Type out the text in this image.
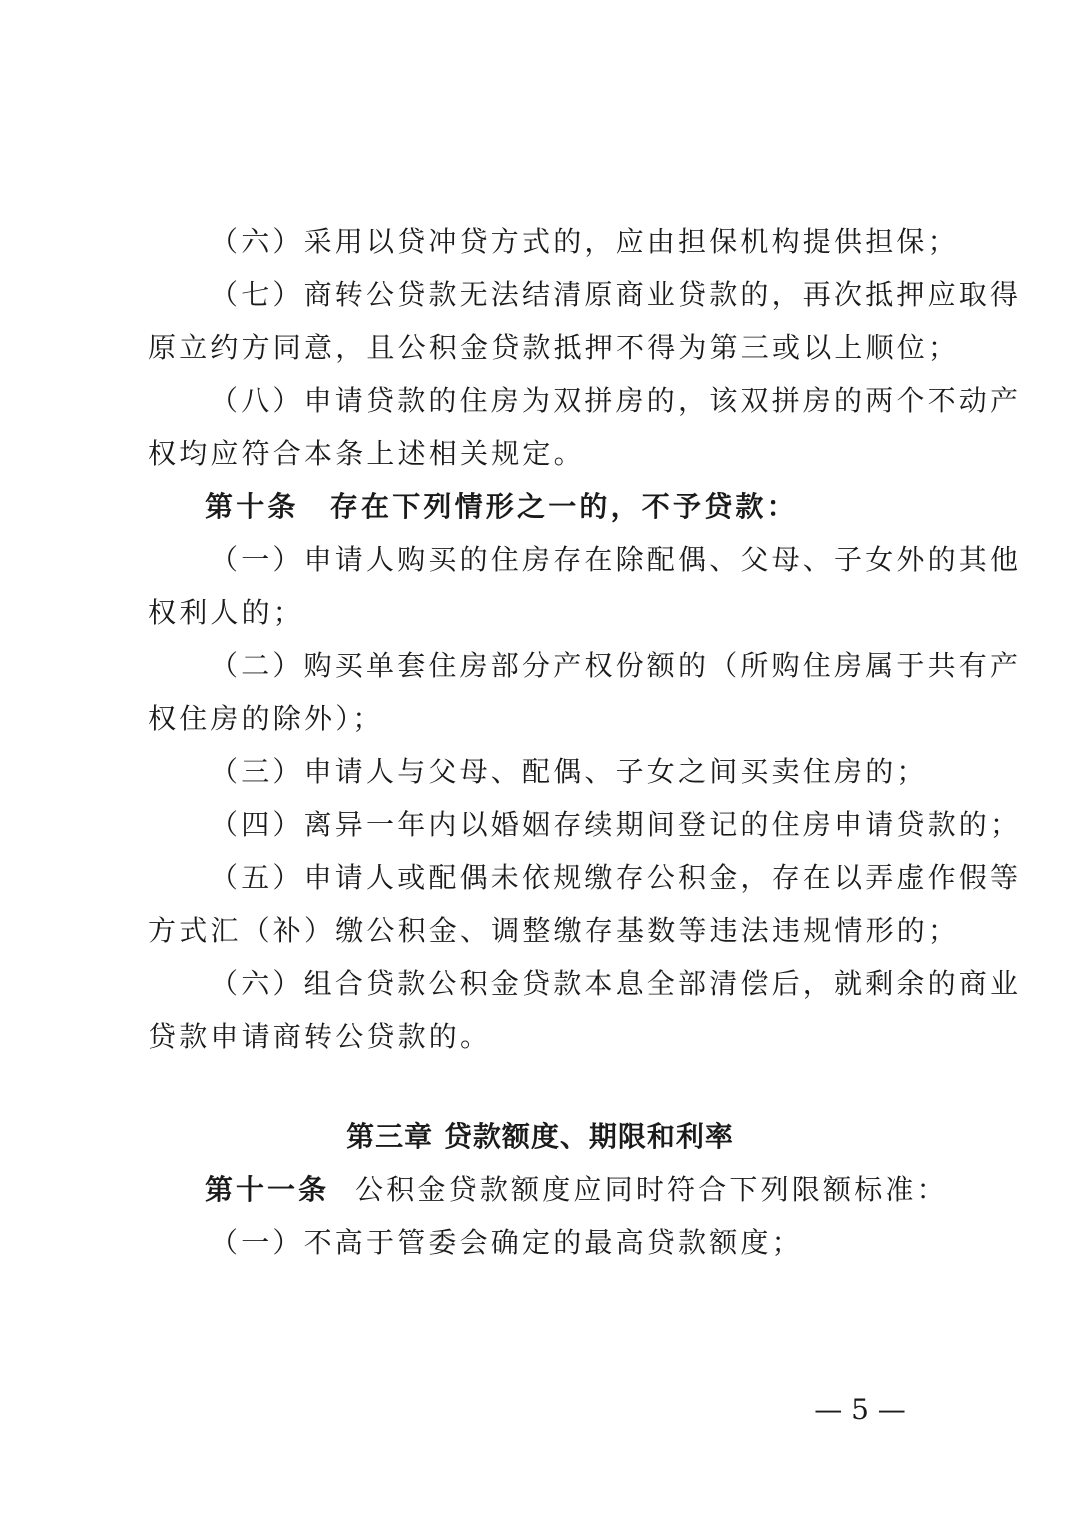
（六）采用以贷冲贷方式的，应由担保机构提供担保；
（七）商转公贷款无法结清原商业贷款的，再次抵押应取得
原立约方同意，且公积金贷款抵押不得为第三或以上顺位；
（八）申请贷款的住房为双拼房的，该双拼房的两个不动产
权均应符合本条上述相关规定。
第十条　存在下列情形之一的，不予贷款：
（一）申请人购买的住房存在除配偶、父母、子女外的其他
权利人的；
（二）购买单套住房部分产权份额的（所购住房属于共有产
权住房的除外）；
（三）申请人与父母、配偶、子女之间买卖住房的；
（四）离异一年内以婚姻存续期间登记的住房申请贷款的；
（五）申请人或配偶未依规缴存公积金，存在以弄虚作假等
方式汇（补）缴公积金、调整缴存基数等违法违规情形的；
（六）组合贷款公积金贷款本息全部清偿后，就剩余的商业
贷款申请商转公贷款的。
第三章 贷款额度、期限和利率
第十一条 公积金贷款额度应同时符合下列限额标准：
（一）不高于管委会确定的最高贷款额度；
— 5 —
